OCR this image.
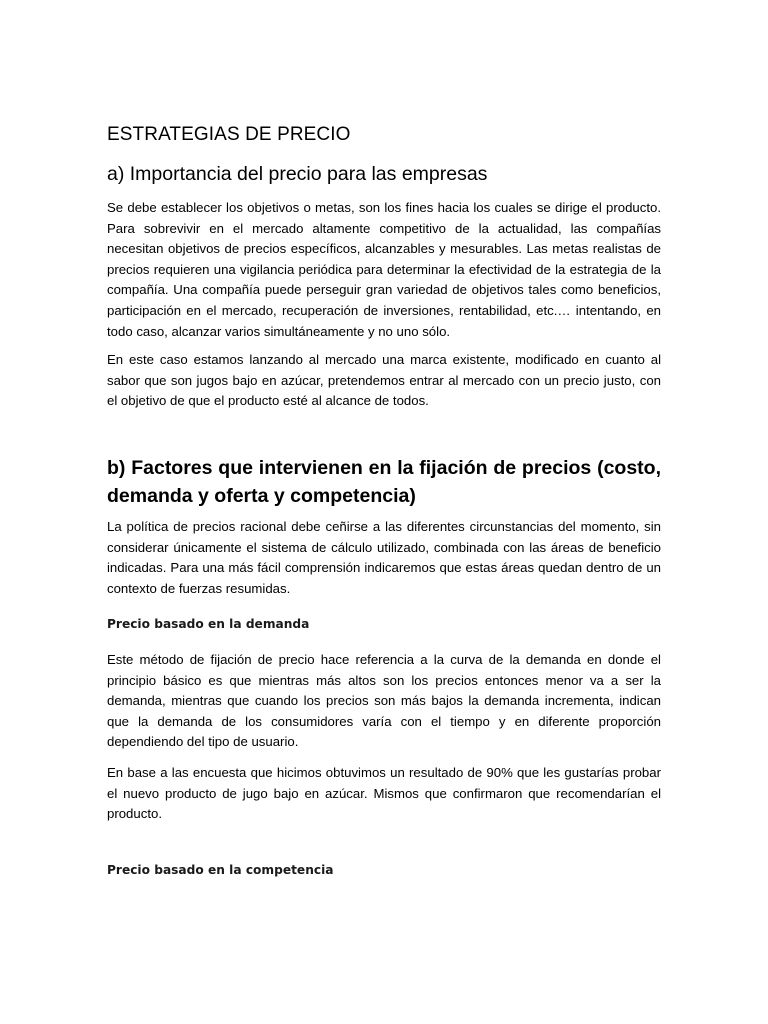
ESTRATEGIAS DE PRECIO
a) Importancia del precio para las empresas

Se debe establecer los objetivos o metas, son los fines hacia los cuales se dirige el producto. Para sobrevivir en el mercado altamente competitivo de la actualidad, las compañías necesitan objetivos de precios específicos, alcanzables y mesurables. Las metas realistas de precios requieren una vigilancia periódica para determinar la efectividad de la estrategia de la compañía. Una compañía puede perseguir gran variedad de objetivos tales como beneficios, participación en el mercado, recuperación de inversiones, rentabilidad, etc.… intentando, en todo caso, alcanzar varios simultáneamente y no uno sólo.

En este caso estamos lanzando al mercado una marca existente, modificado en cuanto al sabor que son jugos bajo en azúcar, pretendemos entrar al mercado con un precio justo, con el objetivo de que el producto esté al alcance de todos.

b) Factores que intervienen en la fijación de precios (costo, demanda y oferta y competencia)

La política de precios racional debe ceñirse a las diferentes circunstancias del momento, sin considerar únicamente el sistema de cálculo utilizado, combinada con las áreas de beneficio indicadas. Para una más fácil comprensión indicaremos que estas áreas quedan dentro de un contexto de fuerzas resumidas.

Precio basado en la demanda

Este método de fijación de precio hace referencia a la curva de la demanda en donde el principio básico es que mientras más altos son los precios entonces menor va a ser la demanda, mientras que cuando los precios son más bajos la demanda incrementa, indican que la demanda de los consumidores varía con el tiempo y en diferente proporción dependiendo del tipo de usuario.

En base a las encuesta que hicimos obtuvimos un resultado de 90% que les gustarías probar el nuevo producto de jugo bajo en azúcar. Mismos que confirmaron que recomendarían el producto.

Precio basado en la competencia
